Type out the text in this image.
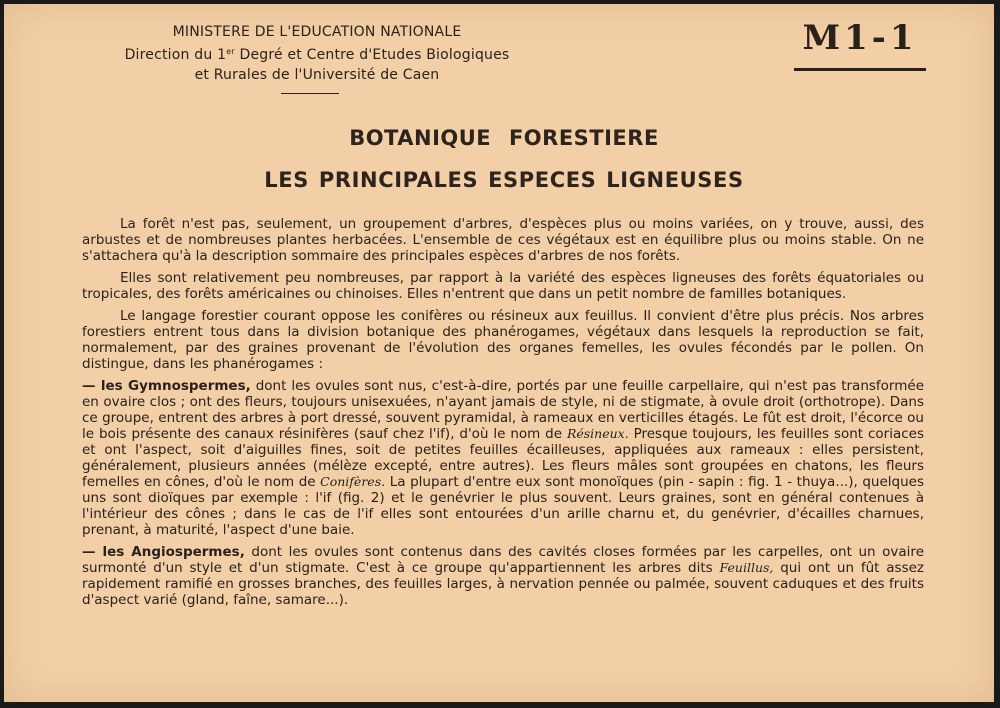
MINISTERE DE L'EDUCATION NATIONALE
Direction du 1er Degré et Centre d'Etudes Biologiques
et Rurales de l'Université de Caen
M1-1
BOTANIQUE FORESTIERE
LES PRINCIPALES ESPECES LIGNEUSES

La forêt n'est pas, seulement, un groupement d'arbres, d'espèces plus ou moins variées, on y trouve, aussi, des arbustes et de nombreuses plantes herbacées. L'ensemble de ces végétaux est en équilibre plus ou moins stable. On ne s'attachera qu'à la description sommaire des principales espèces d'arbres de nos forêts.

Elles sont relativement peu nombreuses, par rapport à la variété des espèces ligneuses des forêts équatoriales ou tropicales, des forêts américaines ou chinoises. Elles n'entrent que dans un petit nombre de familles botaniques.

Le langage forestier courant oppose les conifères ou résineux aux feuillus. Il convient d'être plus précis. Nos arbres forestiers entrent tous dans la division botanique des phanérogames, végétaux dans lesquels la reproduction se fait, normalement, par des graines provenant de l'évolution des organes femelles, les ovules fécondés par le pollen. On distingue, dans les phanérogames :

— les Gymnospermes, dont les ovules sont nus, c'est-à-dire, portés par une feuille carpellaire, qui n'est pas transformée en ovaire clos ; ont des fleurs, toujours unisexuées, n'ayant jamais de style, ni de stigmate, à ovule droit (orthotrope). Dans ce groupe, entrent des arbres à port dressé, souvent pyramidal, à rameaux en verticilles étagés. Le fût est droit, l'écorce ou le bois présente des canaux résinifères (sauf chez l'if), d'où le nom de Résineux. Presque toujours, les feuilles sont coriaces et ont l'aspect, soit d'aiguilles fines, soit de petites feuilles écailleuses, appliquées aux rameaux : elles persistent, généralement, plusieurs années (mélèze excepté, entre autres). Les fleurs mâles sont groupées en chatons, les fleurs femelles en cônes, d'où le nom de Conifères. La plupart d'entre eux sont monoïques (pin - sapin : fig. 1 - thuya...), quelques uns sont dioïques par exemple : l'if (fig. 2) et le genévrier le plus souvent. Leurs graines, sont en général contenues à l'intérieur des cônes ; dans le cas de l'if elles sont entourées d'un arille charnu et, du genévrier, d'écailles charnues, prenant, à maturité, l'aspect d'une baie.

— les Angiospermes, dont les ovules sont contenus dans des cavités closes formées par les carpelles, ont un ovaire surmonté d'un style et d'un stigmate. C'est à ce groupe qu'appartiennent les arbres dits Feuillus, qui ont un fût assez rapidement ramifié en grosses branches, des feuilles larges, à nervation pennée ou palmée, souvent caduques et des fruits d'aspect varié (gland, faîne, samare...).
